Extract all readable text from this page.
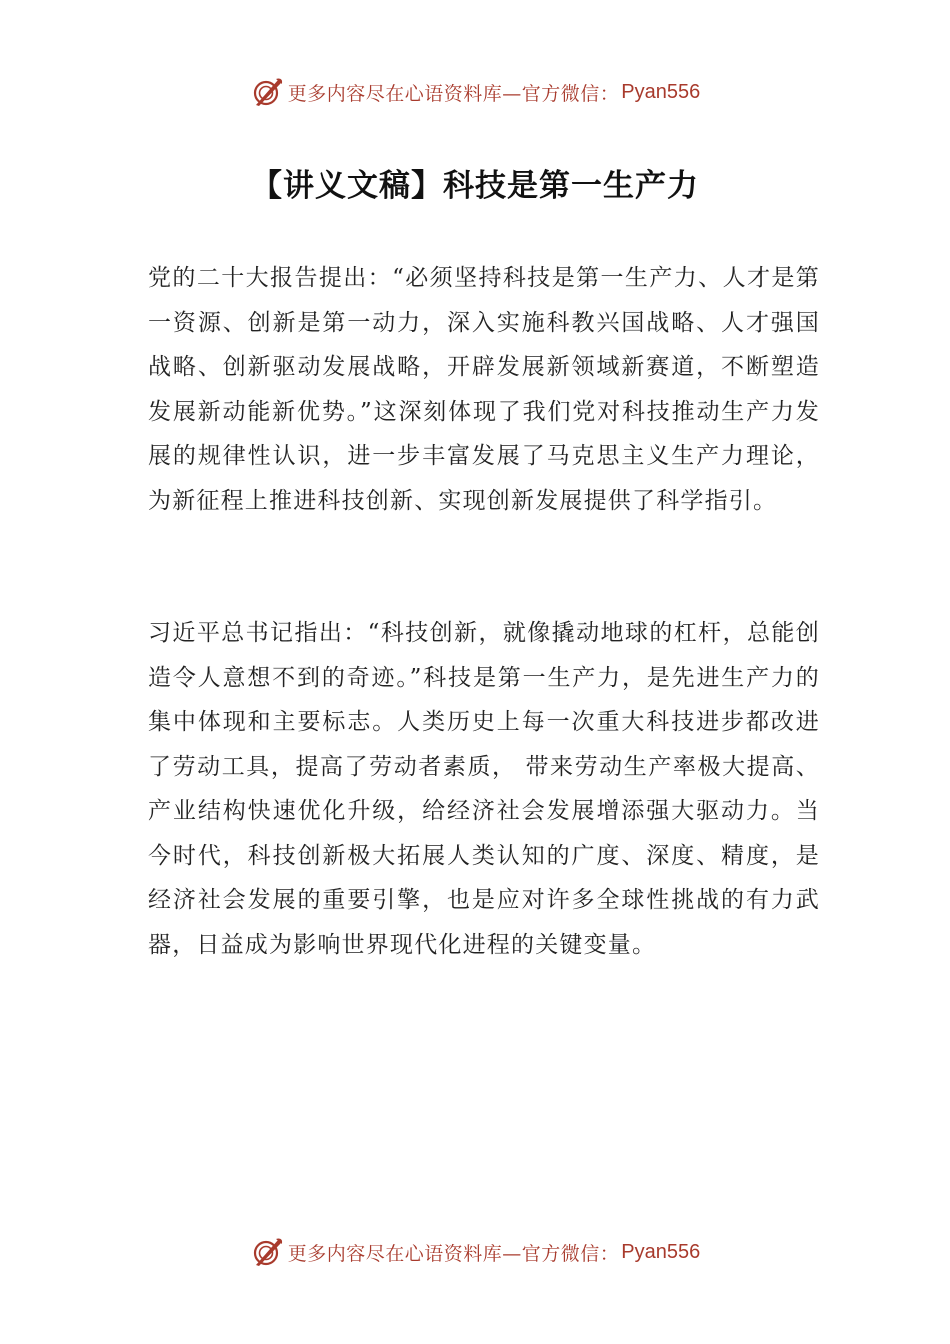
更多内容尽在心语资料库—官方微信： Pyan556
【讲义文稿】科技是第一生产力

党的二十大报告提出：“必须坚持科技是第一生产力、人才是第一资源、创新是第一动力，深入实施科教兴国战略、人才强国战略、创新驱动发展战略，开辟发展新领域新赛道，不断塑造发展新动能新优势。”这深刻体现了我们党对科技推动生产力发展的规律性认识，进一步丰富发展了马克思主义生产力理论，为新征程上推进科技创新、实现创新发展提供了科学指引。

习近平总书记指出：“科技创新，就像撬动地球的杠杆，总能创造令人意想不到的奇迹。”科技是第一生产力，是先进生产力的集中体现和主要标志。人类历史上每一次重大科技进步都改进了劳动工具，提高了劳动者素质， 带来劳动生产率极大提高、产业结构快速优化升级，给经济社会发展增添强大驱动力。当今时代，科技创新极大拓展人类认知的广度、深度、精度，是经济社会发展的重要引擎，也是应对许多全球性挑战的有力武器，日益成为影响世界现代化进程的关键变量。

更多内容尽在心语资料库—官方微信： Pyan556
